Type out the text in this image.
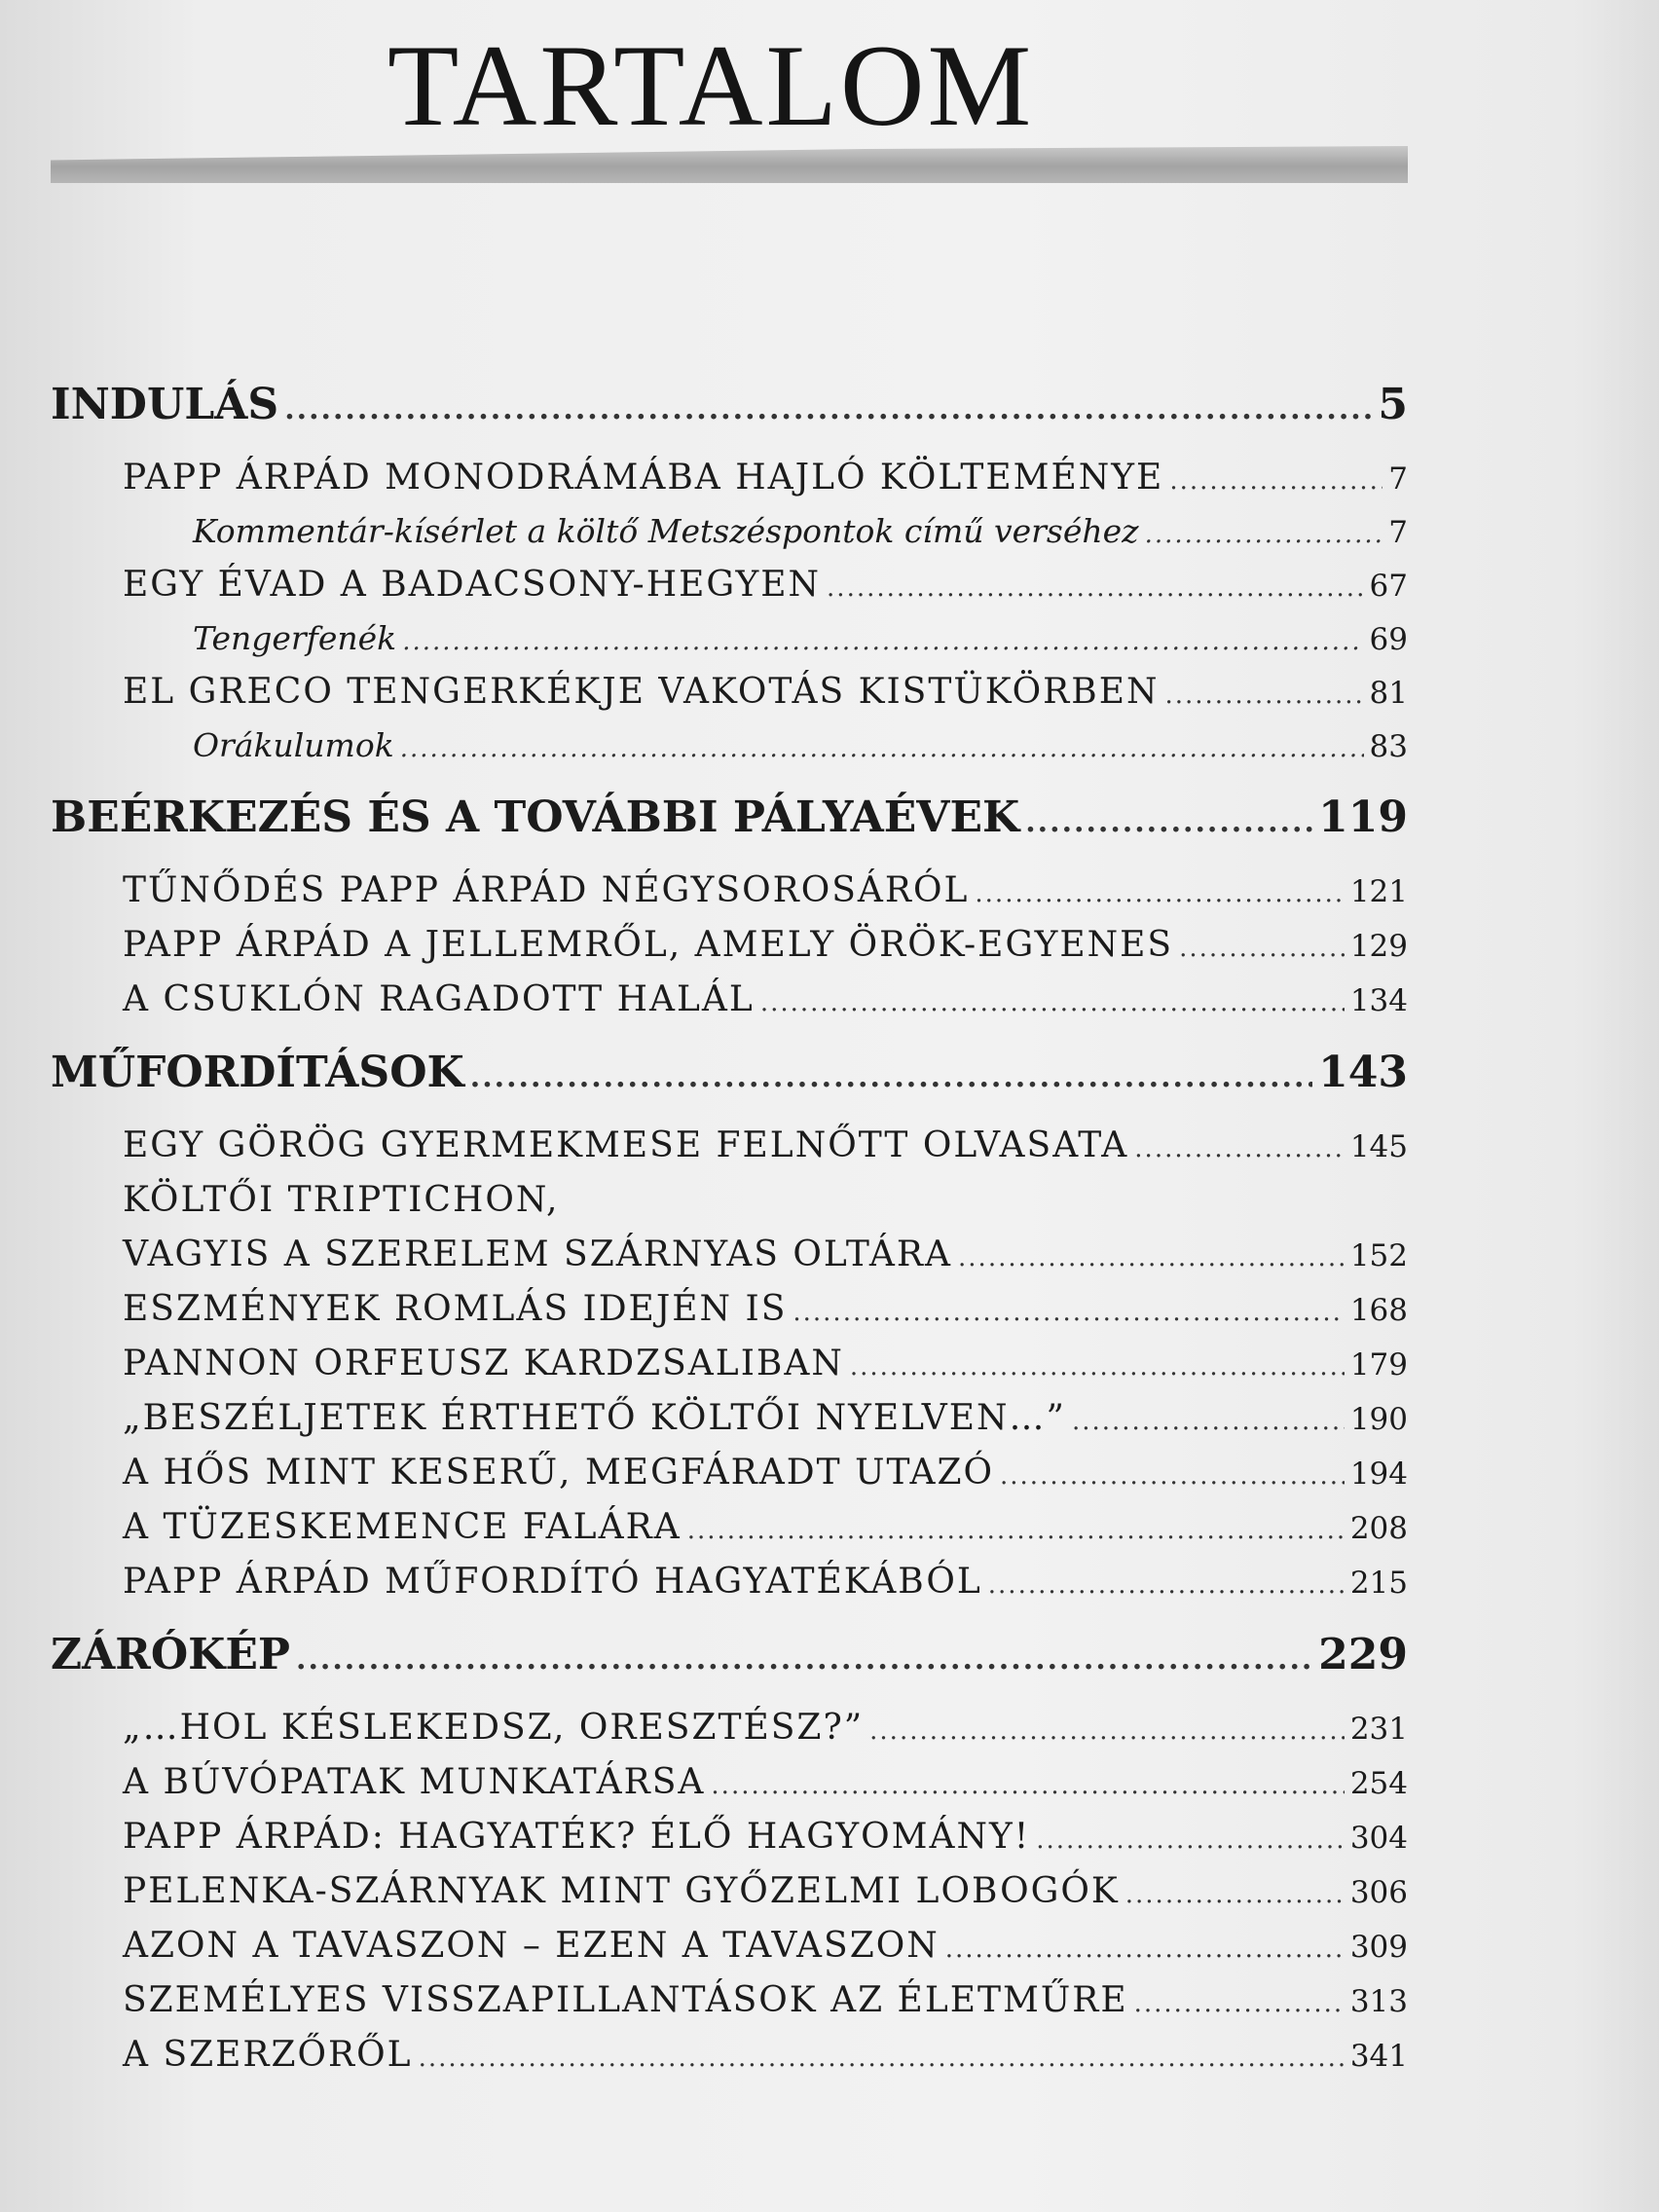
TARTALOM
INDULÁS .....	5
PAPP ÁRPÁD MONODRÁMÁBA HAJLÓ KÖLTEMÉNYE .....	7
Kommentár-kísérlet a költő Metszéspontok című verséhez .....	7
EGY ÉVAD A BADACSONY-HEGYEN .....	67
Tengerfenék .....	69
EL GRECO TENGERKÉKJE VAKOTÁS KISTÜKÖRBEN .....	81
Orákulumok .....	83
BEÉRKEZÉS ÉS A TOVÁBBI PÁLYAÉVEK .....	119
TŰNŐDÉS PAPP ÁRPÁD NÉGYSOROSÁRÓL .....	121
PAPP ÁRPÁD A JELLEMRŐL, AMELY ÖRÖK-EGYENES .....	129
A CSUKLÓN RAGADOTT HALÁL .....	134
MŰFORDÍTÁSOK .....	143
EGY GÖRÖG GYERMEKMESE FELNŐTT OLVASATA .....	145
KÖLTŐI TRIPTICHON,
VAGYIS A SZERELEM SZÁRNYAS OLTÁRA .....	152
ESZMÉNYEK ROMLÁS IDEJÉN IS .....	168
PANNON ORFEUSZ KARDZSALIBAN .....	179
„BESZÉLJETEK ÉRTHETŐ KÖLTŐI NYELVEN…” .....	190
A HŐS MINT KESERŰ, MEGFÁRADT UTAZÓ .....	194
A TÜZESKEMENCE FALÁRA .....	208
PAPP ÁRPÁD MŰFORDÍTÓ HAGYATÉKÁBÓL .....	215
ZÁRÓKÉP .....	229
„…HOL KÉSLEKEDSZ, ORESZTÉSZ?” .....	231
A BÚVÓPATAK MUNKATÁRSA .....	254
PAPP ÁRPÁD: HAGYATÉK? ÉLŐ HAGYOMÁNY! .....	304
PELENKA-SZÁRNYAK MINT GYŐZELMI LOBOGÓK .....	306
AZON A TAVASZON – EZEN A TAVASZON .....	309
SZEMÉLYES VISSZAPILLANTÁSOK AZ ÉLETMŰRE .....	313
A SZERZŐRŐL .....	341
